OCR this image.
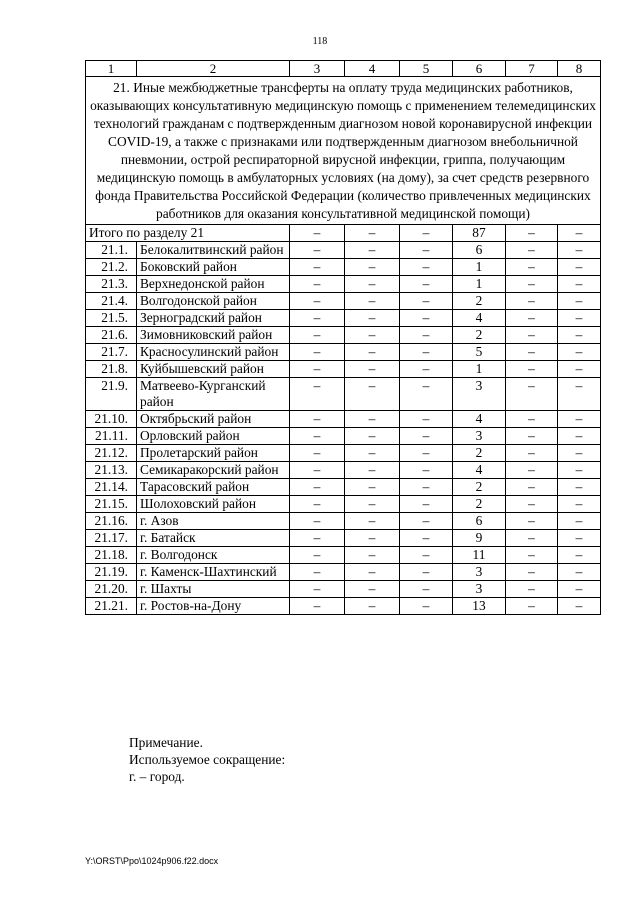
118
1	2	3	4	5	6	7	8
21. Иные межбюджетные трансферты на оплату труда медицинских работников, оказывающих консультативную медицинскую помощь с применением телемедицинских технологий гражданам с подтвержденным диагнозом новой коронавирусной инфекции COVID-19, а также с признаками или подтвержденным диагнозом внебольничной пневмонии, острой респираторной вирусной инфекции, гриппа, получающим медицинскую помощь в амбулаторных условиях (на дому), за счет средств резервного фонда Правительства Российской Федерации (количество привлеченных медицинских работников для оказания консультативной медицинской помощи)							
Итого по разделу 21		–	–	–	87	–	–
21.1.	Белокалитвинский район	–	–	–	6	–	–
21.2.	Боковский район	–	–	–	1	–	–
21.3.	Верхнедонской район	–	–	–	1	–	–
21.4.	Волгодонской район	–	–	–	2	–	–
21.5.	Зерноградский район	–	–	–	4	–	–
21.6.	Зимовниковский район	–	–	–	2	–	–
21.7.	Красносулинский район	–	–	–	5	–	–
21.8.	Куйбышевский район	–	–	–	1	–	–
21.9.	Матвеево-Курганский район	–	–	–	3	–	–
21.10.	Октябрьский район	–	–	–	4	–	–
21.11.	Орловский район	–	–	–	3	–	–
21.12.	Пролетарский район	–	–	–	2	–	–
21.13.	Семикаракорский район	–	–	–	4	–	–
21.14.	Тарасовский район	–	–	–	2	–	–
21.15.	Шолоховский район	–	–	–	2	–	–
21.16.	г. Азов	–	–	–	6	–	–
21.17.	г. Батайск	–	–	–	9	–	–
21.18.	г. Волгодонск	–	–	–	11	–	–
21.19.	г. Каменск-Шахтинский	–	–	–	3	–	–
21.20.	г. Шахты	–	–	–	3	–	–
21.21.	г. Ростов-на-Дону	–	–	–	13	–	–
Примечание.
Используемое сокращение:
г. – город.
Y:\ORST\Ppo\1024p906.f22.docx
